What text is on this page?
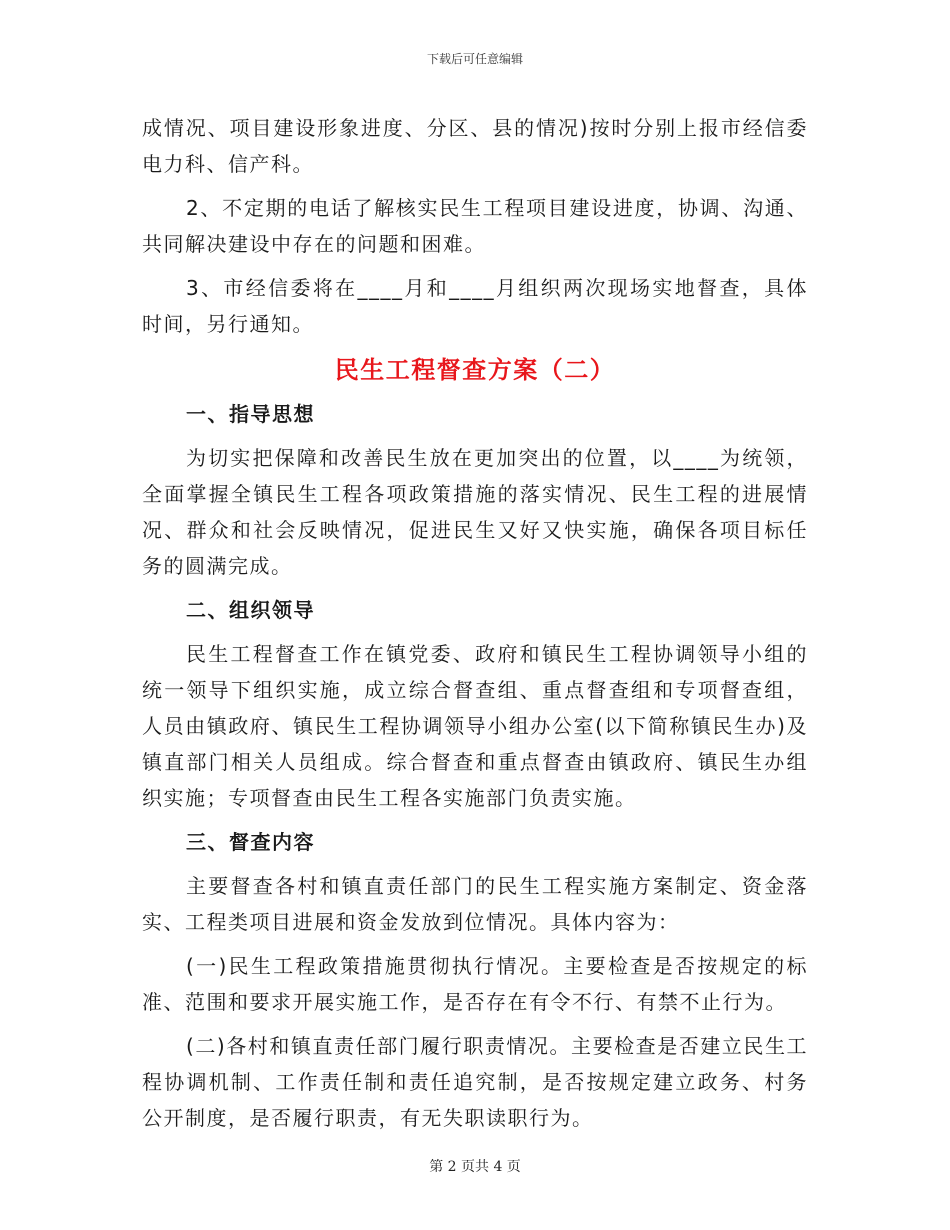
下载后可任意编辑

成情况、项目建设形象进度、分区、县的情况)按时分别上报市经信委电力科、信产科。

2、不定期的电话了解核实民生工程项目建设进度，协调、沟通、共同解决建设中存在的问题和困难。

3、市经信委将在____月和____月组织两次现场实地督查，具体时间，另行通知。

民生工程督查方案（二）
一、指导思想

为切实把保障和改善民生放在更加突出的位置，以____为统领，全面掌握全镇民生工程各项政策措施的落实情况、民生工程的进展情况、群众和社会反映情况，促进民生又好又快实施，确保各项目标任务的圆满完成。

二、组织领导

民生工程督查工作在镇党委、政府和镇民生工程协调领导小组的统一领导下组织实施，成立综合督查组、重点督查组和专项督查组，人员由镇政府、镇民生工程协调领导小组办公室(以下简称镇民生办)及镇直部门相关人员组成。综合督查和重点督查由镇政府、镇民生办组织实施；专项督查由民生工程各实施部门负责实施。

三、督查内容

主要督查各村和镇直责任部门的民生工程实施方案制定、资金落实、工程类项目进展和资金发放到位情况。具体内容为：

(一)民生工程政策措施贯彻执行情况。主要检查是否按规定的标准、范围和要求开展实施工作，是否存在有令不行、有禁不止行为。

(二)各村和镇直责任部门履行职责情况。主要检查是否建立民生工程协调机制、工作责任制和责任追究制，是否按规定建立政务、村务公开制度，是否履行职责，有无失职读职行为。

第 2 页共 4 页
